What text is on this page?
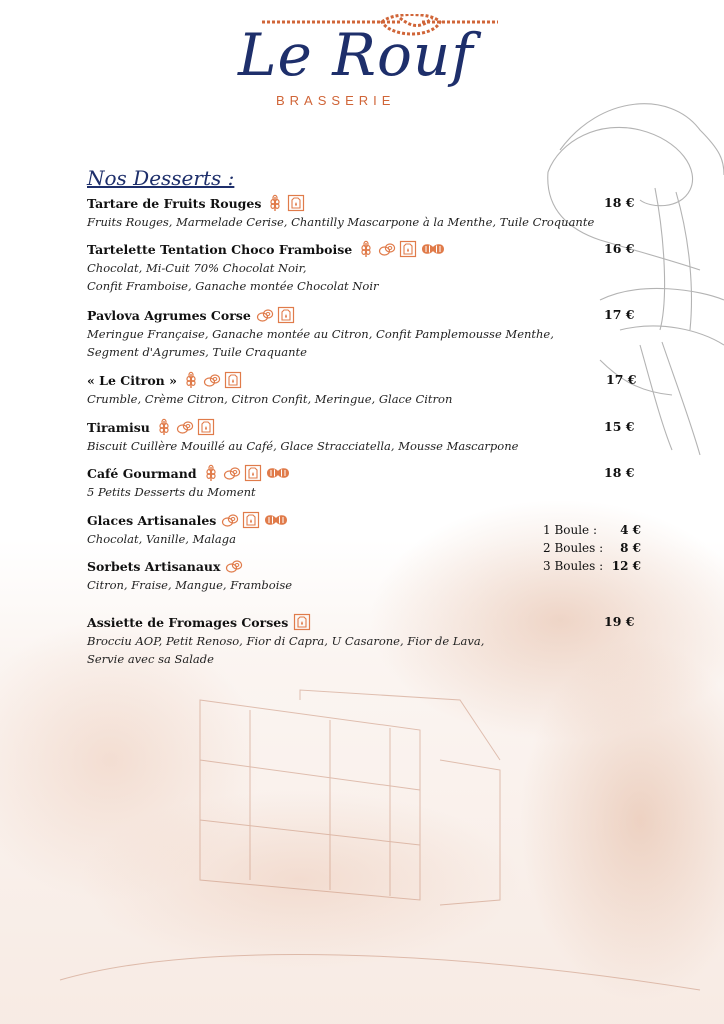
Le Rouf
BRASSERIE
Nos Desserts :
Tartare de Fruits Rouges	18 €
Fruits Rouges, Marmelade Cerise, Chantilly Mascarpone à la Menthe, Tuile Croquante
Tartelette Tentation Choco Framboise	16 €
Chocolat, Mi-Cuit 70% Chocolat Noir,
Confit Framboise, Ganache montée Chocolat Noir
Pavlova Agrumes Corse	17 €
Meringue Française, Ganache montée au Citron, Confit Pamplemousse Menthe,
Segment d'Agrumes, Tuile Craquante
« Le Citron »	17 €
Crumble, Crème Citron, Citron Confit, Meringue, Glace Citron
Tiramisu	15 €
Biscuit Cuillère Mouillé au Café, Glace Stracciatella, Mousse Mascarpone
Café Gourmand	18 €
5 Petits Desserts du Moment
Glaces Artisanales
Chocolat, Vanille, Malaga
Sorbets Artisanaux
Citron, Fraise, Mangue, Framboise
Assiette de Fromages Corses	19 €
Brocciu AOP, Petit Renoso, Fior di Capra, U Casarone, Fior de Lava,
Servie avec sa Salade
1 Boule :	4 €
2 Boules :	8 €
3 Boules : 12 €
